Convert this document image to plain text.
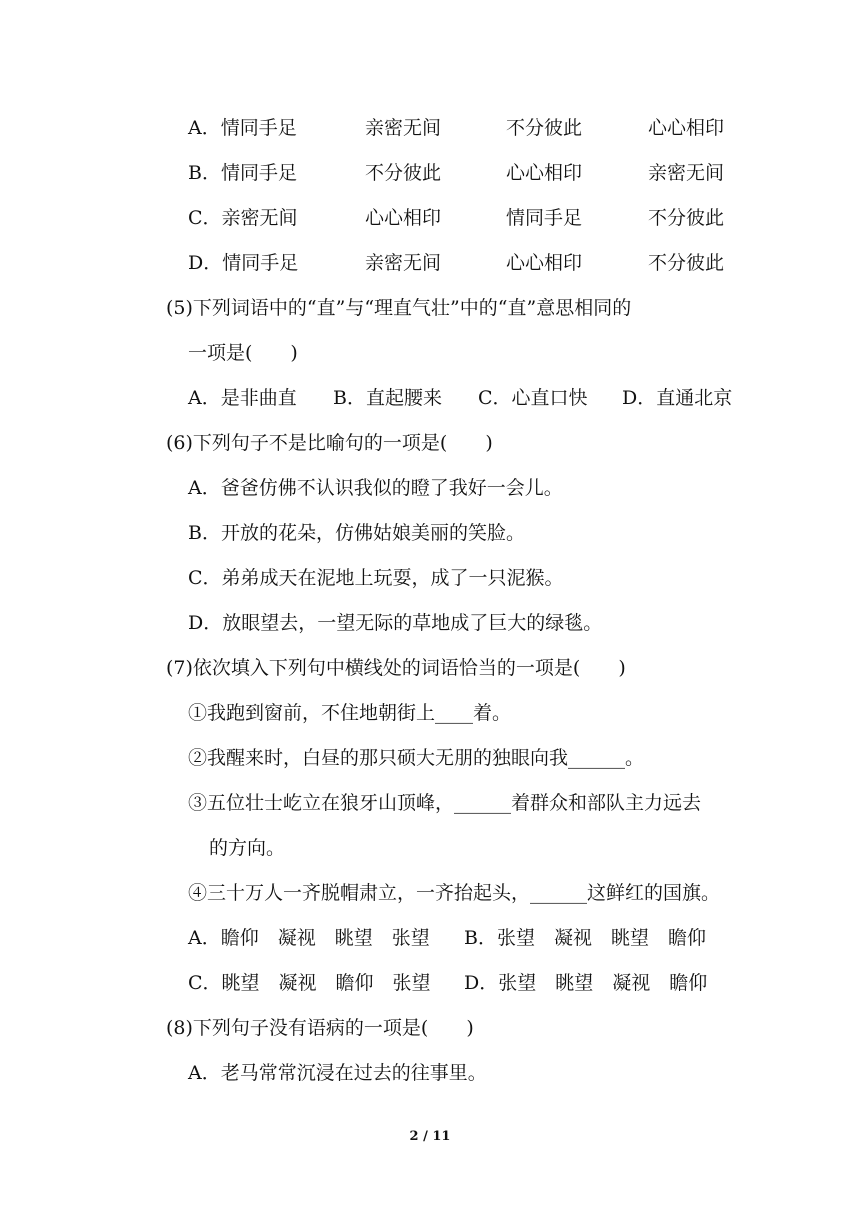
A．情同手足	亲密无间	不分彼此	心心相印
B．情同手足	不分彼此	心心相印	亲密无间
C．亲密无间	心心相印	情同手足	不分彼此
D．情同手足	亲密无间	心心相印	不分彼此
(5)下列词语中的“直”与“理直气壮”中的“直”意思相同的
一项是(　　)
A．是非曲直 B．直起腰来 C．心直口快 D．直通北京
(6)下列句子不是比喻句的一项是(　　)
A．爸爸仿佛不认识我似的瞪了我好一会儿。
B．开放的花朵，仿佛姑娘美丽的笑脸。
C．弟弟成天在泥地上玩耍，成了一只泥猴。
D．放眼望去，一望无际的草地成了巨大的绿毯。
(7)依次填入下列句中横线处的词语恰当的一项是(　　)
①我跑到窗前，不住地朝街上____着。
②我醒来时，白昼的那只硕大无朋的独眼向我______。
③五位壮士屹立在狼牙山顶峰，______着群众和部队主力远去
的方向。
④三十万人一齐脱帽肃立，一齐抬起头，______这鲜红的国旗。
A．瞻仰　凝视　眺望　张望 B．张望　凝视　眺望　瞻仰
C．眺望　凝视　瞻仰　张望 D．张望　眺望　凝视　瞻仰
(8)下列句子没有语病的一项是(　　)
A．老马常常沉浸在过去的往事里。
2 / 11
